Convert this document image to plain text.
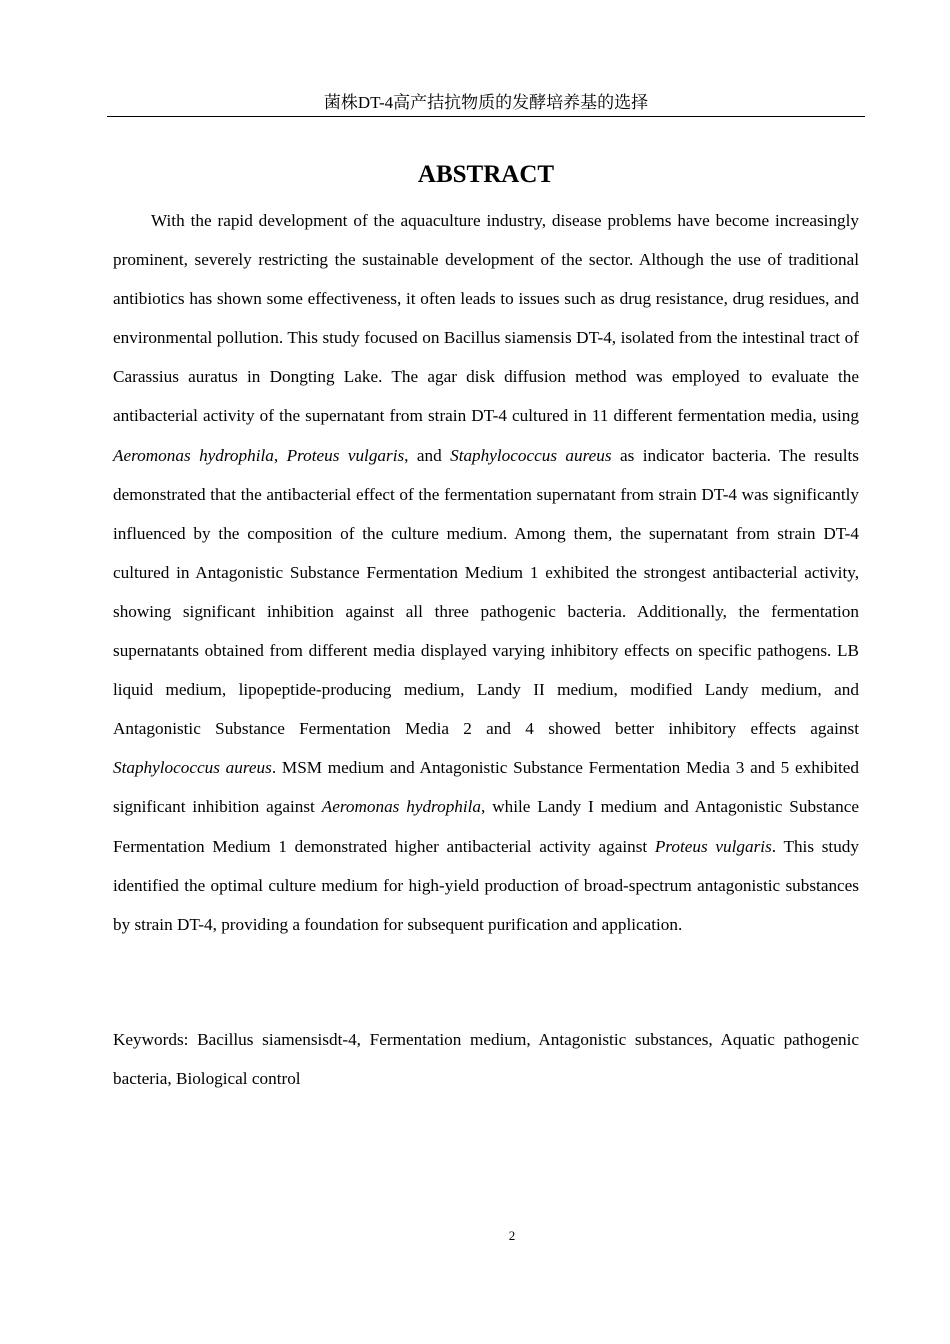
菌株DT-4高产拮抗物质的发酵培养基的选择
ABSTRACT

With the rapid development of the aquaculture industry, disease problems have become increasingly prominent, severely restricting the sustainable development of the sector. Although the use of traditional antibiotics has shown some effectiveness, it often leads to issues such as drug resistance, drug residues, and environmental pollution. This study focused on Bacillus siamensis DT-4, isolated from the intestinal tract of Carassius auratus in Dongting Lake. The agar disk diffusion method was employed to evaluate the antibacterial activity of the supernatant from strain DT-4 cultured in 11 different fermentation media, using Aeromonas hydrophila, Proteus vulgaris, and Staphylococcus aureus as indicator bacteria. The results demonstrated that the antibacterial effect of the fermentation supernatant from strain DT-4 was significantly influenced by the composition of the culture medium. Among them, the supernatant from strain DT-4 cultured in Antagonistic Substance Fermentation Medium 1 exhibited the strongest antibacterial activity, showing significant inhibition against all three pathogenic bacteria. Additionally, the fermentation supernatants obtained from different media displayed varying inhibitory effects on specific pathogens. LB liquid medium, lipopeptide-producing medium, Landy II medium, modified Landy medium, and Antagonistic Substance Fermentation Media 2 and 4 showed better inhibitory effects against Staphylococcus aureus. MSM medium and Antagonistic Substance Fermentation Media 3 and 5 exhibited significant inhibition against Aeromonas hydrophila, while Landy I medium and Antagonistic Substance Fermentation Medium 1 demonstrated higher antibacterial activity against Proteus vulgaris. This study identified the optimal culture medium for high-yield production of broad-spectrum antagonistic substances by strain DT-4, providing a foundation for subsequent purification and application.

Keywords: Bacillus siamensisdt-4, Fermentation medium, Antagonistic substances, Aquatic pathogenic bacteria, Biological control

2
